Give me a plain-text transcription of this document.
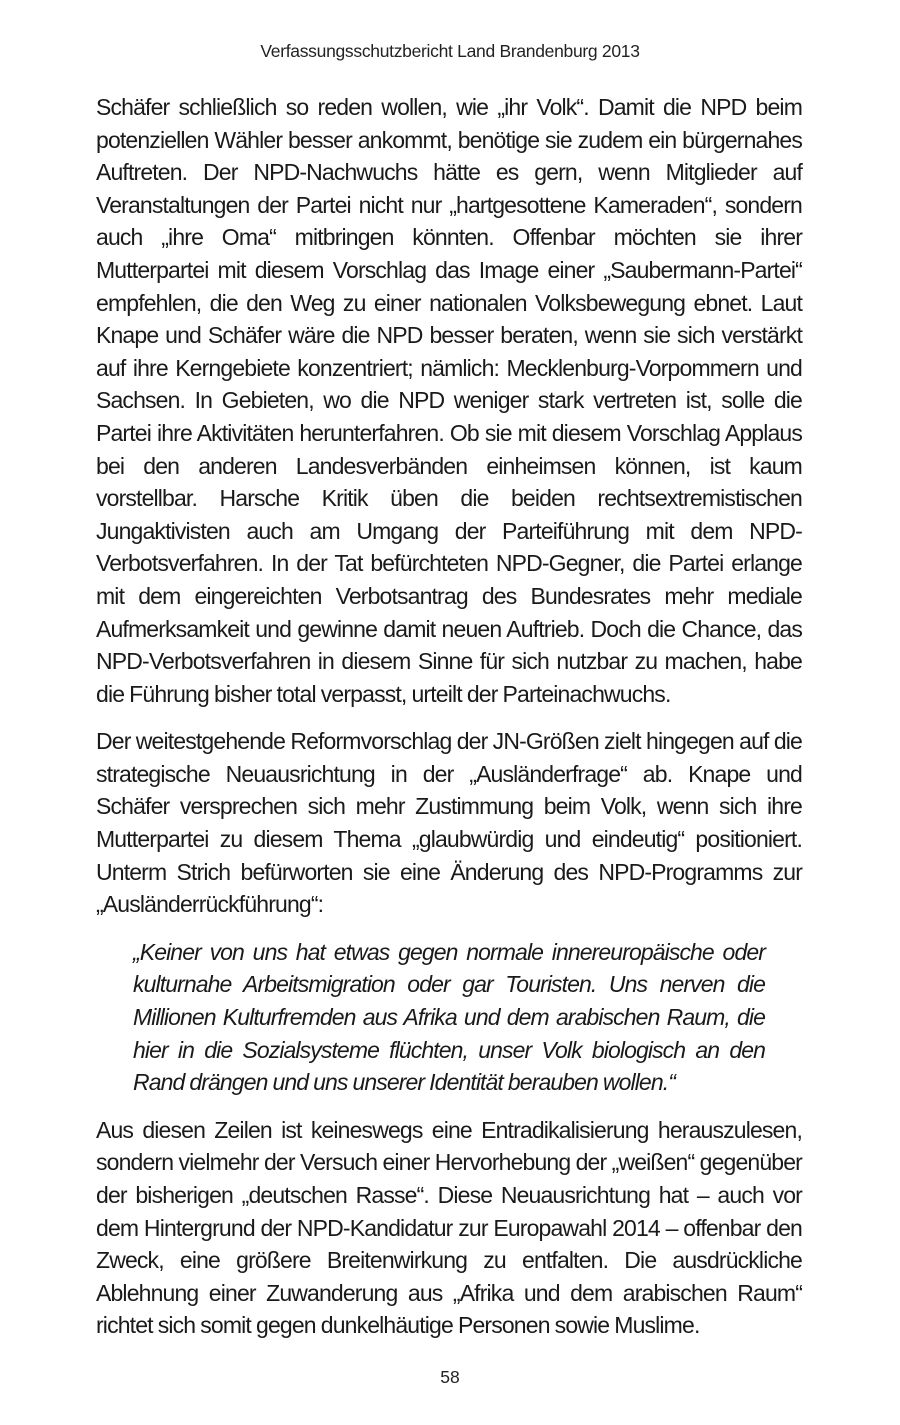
Verfassungsschutzbericht Land Brandenburg 2013

Schäfer schließlich so reden wollen, wie „ihr Volk“. Damit die NPD beim potenziellen Wähler besser ankommt, benötige sie zudem ein bürgernahes Auftreten. Der NPD-Nachwuchs hätte es gern, wenn Mitglieder auf Veranstaltungen der Partei nicht nur „hartgesottene Kameraden“, sondern auch „ihre Oma“ mitbringen könnten. Offenbar möchten sie ihrer Mutterpartei mit diesem Vorschlag das Image einer „Saubermann-Partei“ empfehlen, die den Weg zu einer nationalen Volksbewegung ebnet. Laut Knape und Schäfer wäre die NPD besser beraten, wenn sie sich verstärkt auf ihre Kerngebiete konzentriert; nämlich: Mecklenburg-Vorpommern und Sachsen. In Gebieten, wo die NPD weniger stark vertreten ist, solle die Partei ihre Aktivitäten herunterfahren. Ob sie mit diesem Vorschlag Applaus bei den anderen Landesverbänden einheimsen können, ist kaum vorstellbar. Harsche Kritik üben die beiden rechtsextremistischen Jungaktivisten auch am Umgang der Parteiführung mit dem NPD-Verbotsverfahren. In der Tat befürchteten NPD-Gegner, die Partei erlange mit dem eingereichten Verbotsantrag des Bundesrates mehr mediale Aufmerksamkeit und gewinne damit neuen Auftrieb. Doch die Chance, das NPD-Verbotsverfahren in diesem Sinne für sich nutzbar zu machen, habe die Führung bisher total verpasst, urteilt der Parteinachwuchs.

Der weitestgehende Reformvorschlag der JN-Größen zielt hingegen auf die strategische Neuausrichtung in der „Ausländerfrage“ ab. Knape und Schäfer versprechen sich mehr Zustimmung beim Volk, wenn sich ihre Mutterpartei zu diesem Thema „glaubwürdig und eindeutig“ positioniert. Unterm Strich befürworten sie eine Änderung des NPD-Programms zur „Ausländerrückführung“:

„Keiner von uns hat etwas gegen normale innereuropäische oder kulturnahe Arbeitsmigration oder gar Touristen. Uns nerven die Millionen Kulturfremden aus Afrika und dem arabischen Raum, die hier in die Sozialsysteme flüchten, unser Volk biologisch an den Rand drängen und uns unserer Identität berauben wollen.“

Aus diesen Zeilen ist keineswegs eine Entradikalisierung herauszulesen, sondern vielmehr der Versuch einer Hervorhebung der „weißen“ gegenüber der bisherigen „deutschen Rasse“. Diese Neuausrichtung hat – auch vor dem Hintergrund der NPD-Kandidatur zur Europawahl 2014 – offenbar den Zweck, eine größere Breitenwirkung zu entfalten. Die ausdrückliche Ablehnung einer Zuwanderung aus „Afrika und dem arabischen Raum“ richtet sich somit gegen dunkelhäutige Personen sowie Muslime.

58
